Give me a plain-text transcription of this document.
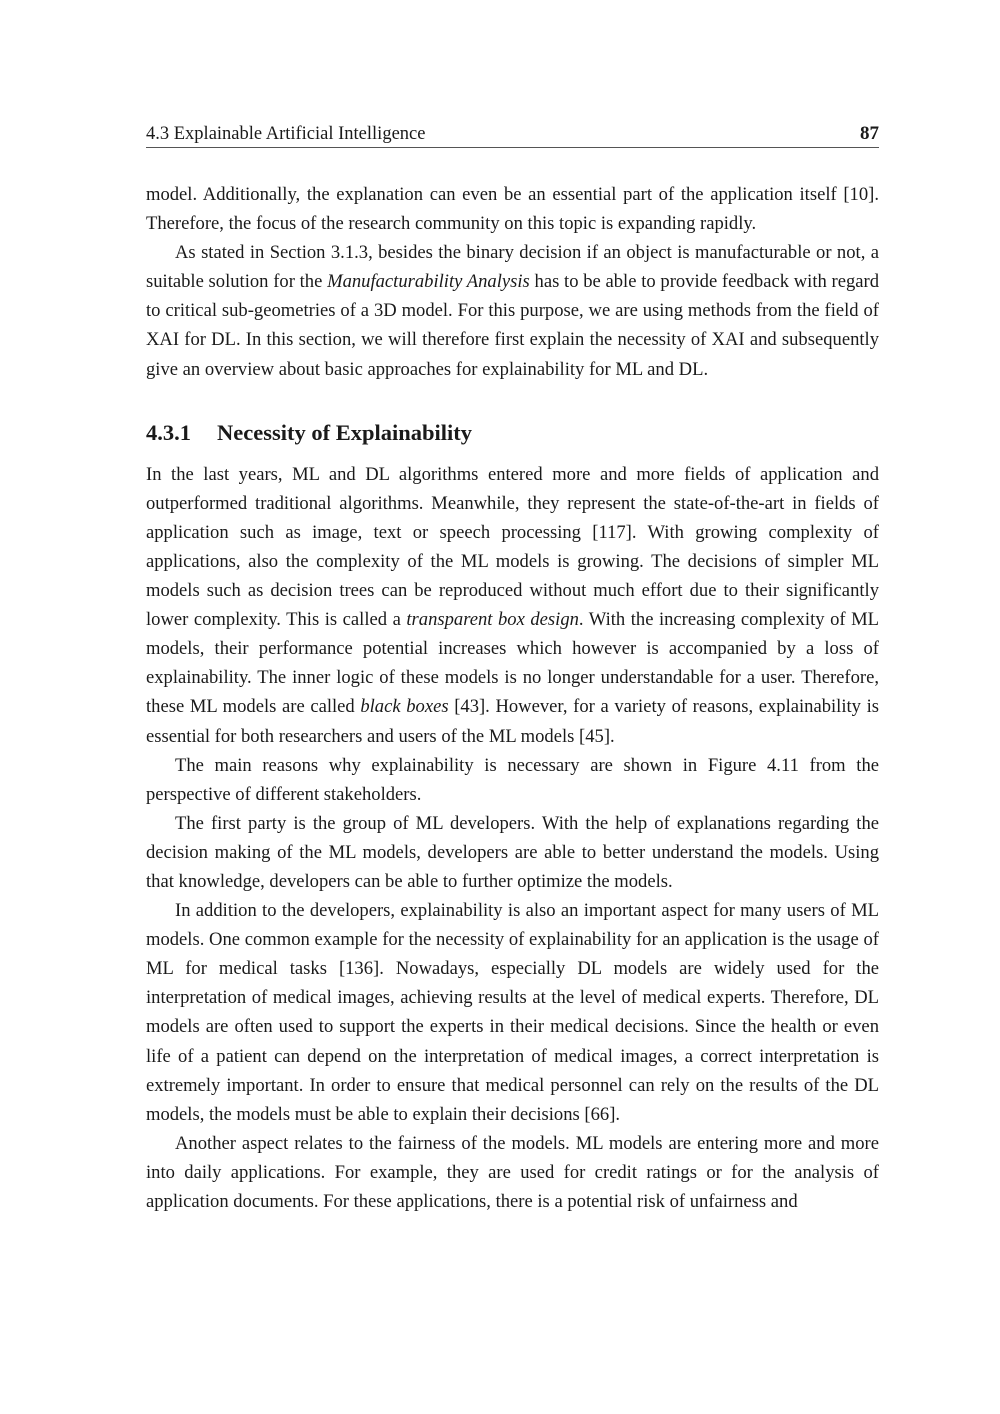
4.3 Explainable Artificial Intelligence	87

model. Additionally, the explanation can even be an essential part of the application itself [10]. Therefore, the focus of the research community on this topic is expanding rapidly.

As stated in Section 3.1.3, besides the binary decision if an object is manufacturable or not, a suitable solution for the Manufacturability Analysis has to be able to provide feedback with regard to critical sub-geometries of a 3D model. For this purpose, we are using methods from the field of XAI for DL. In this section, we will therefore first explain the necessity of XAI and subsequently give an overview about basic approaches for explainability for ML and DL.

4.3.1 Necessity of Explainability

In the last years, ML and DL algorithms entered more and more fields of application and outperformed traditional algorithms. Meanwhile, they represent the state-of-the-art in fields of application such as image, text or speech processing [117]. With growing complexity of applications, also the complexity of the ML models is growing. The decisions of simpler ML models such as decision trees can be reproduced without much effort due to their significantly lower complexity. This is called a transparent box design. With the increasing complexity of ML models, their performance potential increases which however is accompanied by a loss of explainability. The inner logic of these models is no longer understandable for a user. Therefore, these ML models are called black boxes [43]. However, for a variety of reasons, explainability is essential for both researchers and users of the ML models [45].

The main reasons why explainability is necessary are shown in Figure 4.11 from the perspective of different stakeholders.

The first party is the group of ML developers. With the help of explanations regarding the decision making of the ML models, developers are able to better understand the models. Using that knowledge, developers can be able to further optimize the models.

In addition to the developers, explainability is also an important aspect for many users of ML models. One common example for the necessity of explainability for an application is the usage of ML for medical tasks [136]. Nowadays, especially DL models are widely used for the interpretation of medical images, achieving results at the level of medical experts. Therefore, DL models are often used to support the experts in their medical decisions. Since the health or even life of a patient can depend on the interpretation of medical images, a correct interpretation is extremely important. In order to ensure that medical personnel can rely on the results of the DL models, the models must be able to explain their decisions [66].

Another aspect relates to the fairness of the models. ML models are entering more and more into daily applications. For example, they are used for credit ratings or for the analysis of application documents. For these applications, there is a potential risk of unfairness and
